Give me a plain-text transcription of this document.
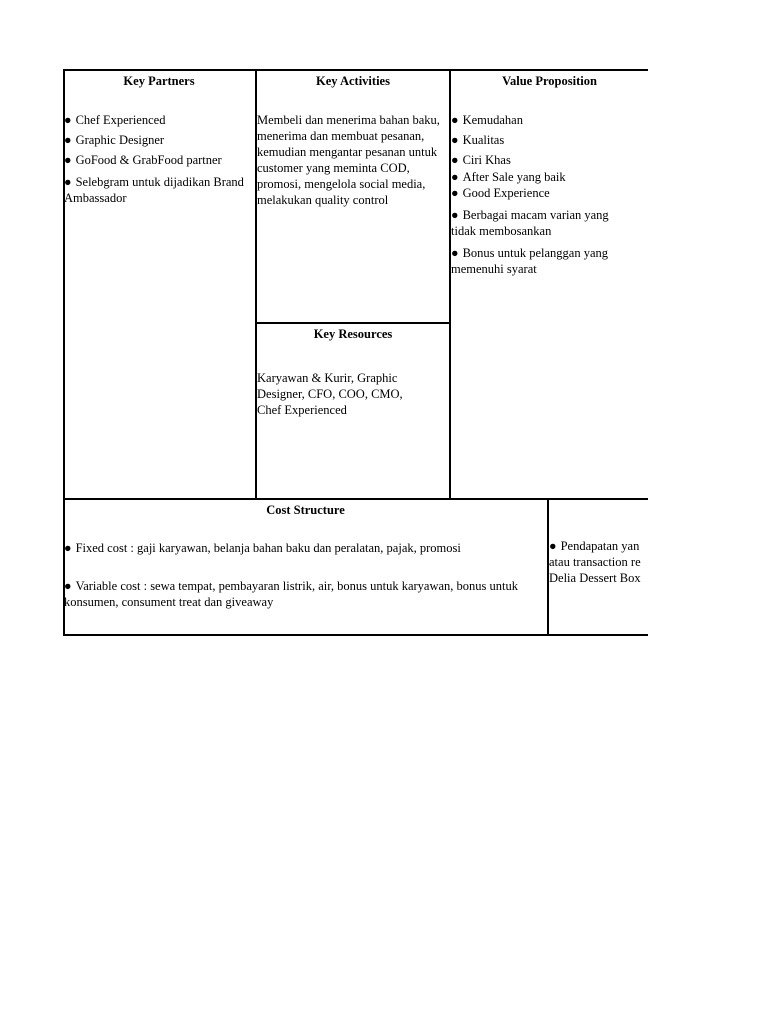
Key Partners
● Chef Experienced
● Graphic Designer
● GoFood & GrabFood partner
● Selebgram untuk dijadikan Brand Ambassador
Key Activities
Membeli dan menerima bahan baku, menerima dan membuat pesanan, kemudian mengantar pesanan untuk customer yang meminta COD, promosi, mengelola social media, melakukan quality control
Key Resources
Karyawan & Kurir, Graphic Designer, CFO, COO, CMO, Chef Experienced
Value Proposition
● Kemudahan
● Kualitas
● Ciri Khas
● After Sale yang baik
● Good Experience
● Berbagai macam varian yang tidak membosankan
● Bonus untuk pelanggan yang memenuhi syarat
Cost Structure
● Fixed cost : gaji karyawan, belanja bahan baku dan peralatan, pajak, promosi
● Variable cost : sewa tempat, pembayaran listrik, air, bonus untuk karyawan, bonus untuk konsumen, consument treat dan giveaway
● Pendapatan yan
atau transaction re
Delia Dessert Box
